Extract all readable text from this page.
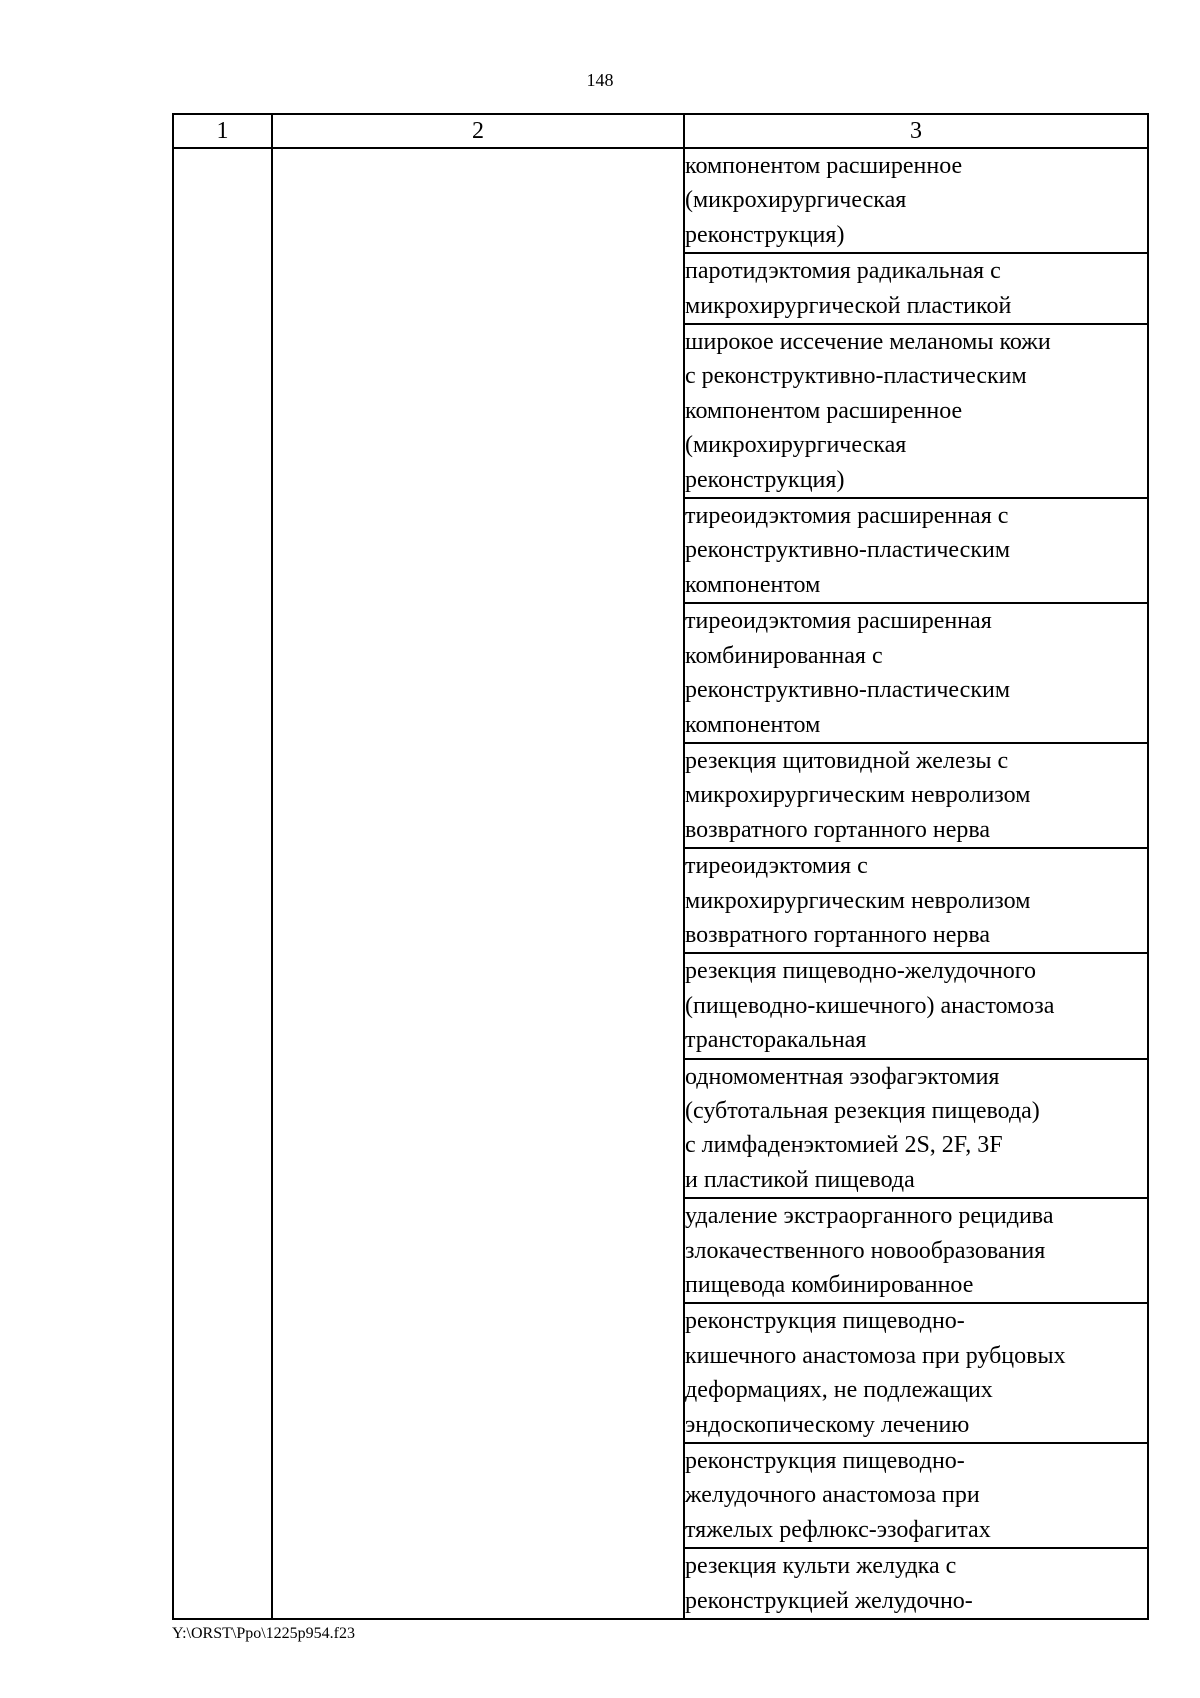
148
1	2	3

		компонентом расширенное
(микрохирургическая
реконструкция)

		паротидэктомия радикальная с
микрохирургической пластикой

		широкое иссечение меланомы кожи
с реконструктивно-пластическим
компонентом расширенное
(микрохирургическая
реконструкция)

		тиреоидэктомия расширенная с
реконструктивно-пластическим
компонентом

		тиреоидэктомия расширенная
комбинированная с
реконструктивно-пластическим
компонентом

		резекция щитовидной железы с
микрохирургическим невролизом
возвратного гортанного нерва

		тиреоидэктомия с
микрохирургическим невролизом
возвратного гортанного нерва

		резекция пищеводно-желудочного
(пищеводно-кишечного) анастомоза
трансторакальная

		одномоментная эзофагэктомия
(субтотальная резекция пищевода)
с лимфаденэктомией 2S, 2F, 3F
и пластикой пищевода

		удаление экстраорганного рецидива
злокачественного новообразования
пищевода комбинированное

		реконструкция пищеводно-
кишечного анастомоза при рубцовых
деформациях, не подлежащих
эндоскопическому лечению

		реконструкция пищеводно-
желудочного анастомоза при
тяжелых рефлюкс-эзофагитах

		резекция культи желудка с
реконструкцией желудочно-
Y:\ORST\Ppo\1225p954.f23
